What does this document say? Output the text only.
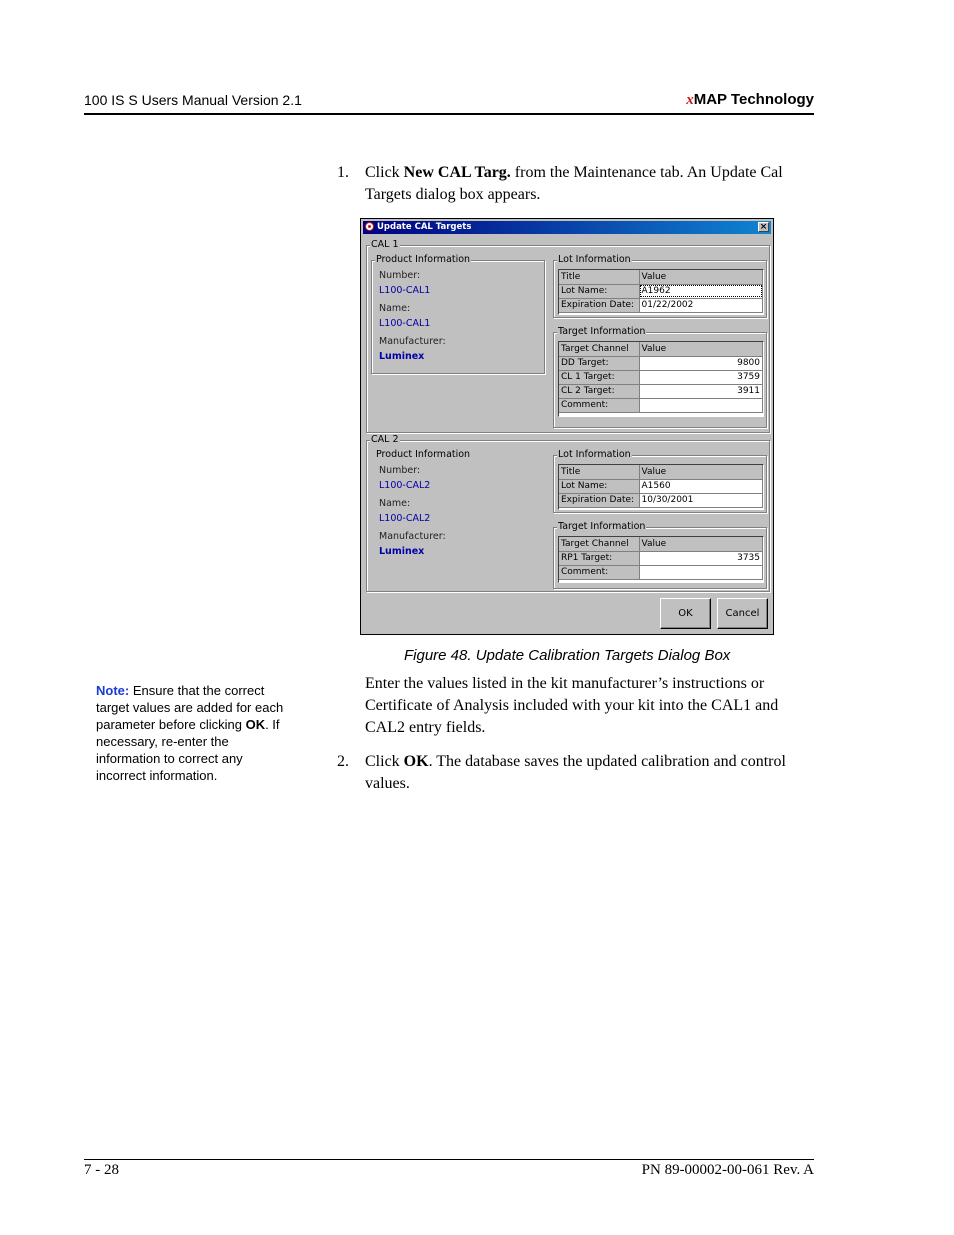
100 IS S Users Manual Version 2.1	xMAP Technology
1. Click New CAL Targ. from the Maintenance tab. An Update Cal Targets dialog box appears.
Update CAL Targets	×
CAL 1
Product Information
Number:
L100-CAL1
Name:
L100-CAL1
Manufacturer:
Luminex
Lot Information
Title	Value
Lot Name:	A1962
Expiration Date:	01/22/2002
Target Information
Target Channel	Value
DD Target:	9800
CL 1 Target:	3759
CL 2 Target:	3911
Comment:	
CAL 2
Product Information
Number:
L100-CAL2
Name:
L100-CAL2
Manufacturer:
Luminex
Lot Information
Title	Value
Lot Name:	A1560
Expiration Date:	10/30/2001
Target Information
Target Channel	Value
RP1 Target:	3735
Comment:	
OK	Cancel
Figure 48. Update Calibration Targets Dialog Box
Note: Ensure that the correct target values are added for each parameter before clicking OK. If necessary, re-enter the information to correct any incorrect information.
Enter the values listed in the kit manufacturer’s instructions or Certificate of Analysis included with your kit into the CAL1 and CAL2 entry fields.
2. Click OK. The database saves the updated calibration and control values.
7 - 28	PN 89-00002-00-061 Rev. A
